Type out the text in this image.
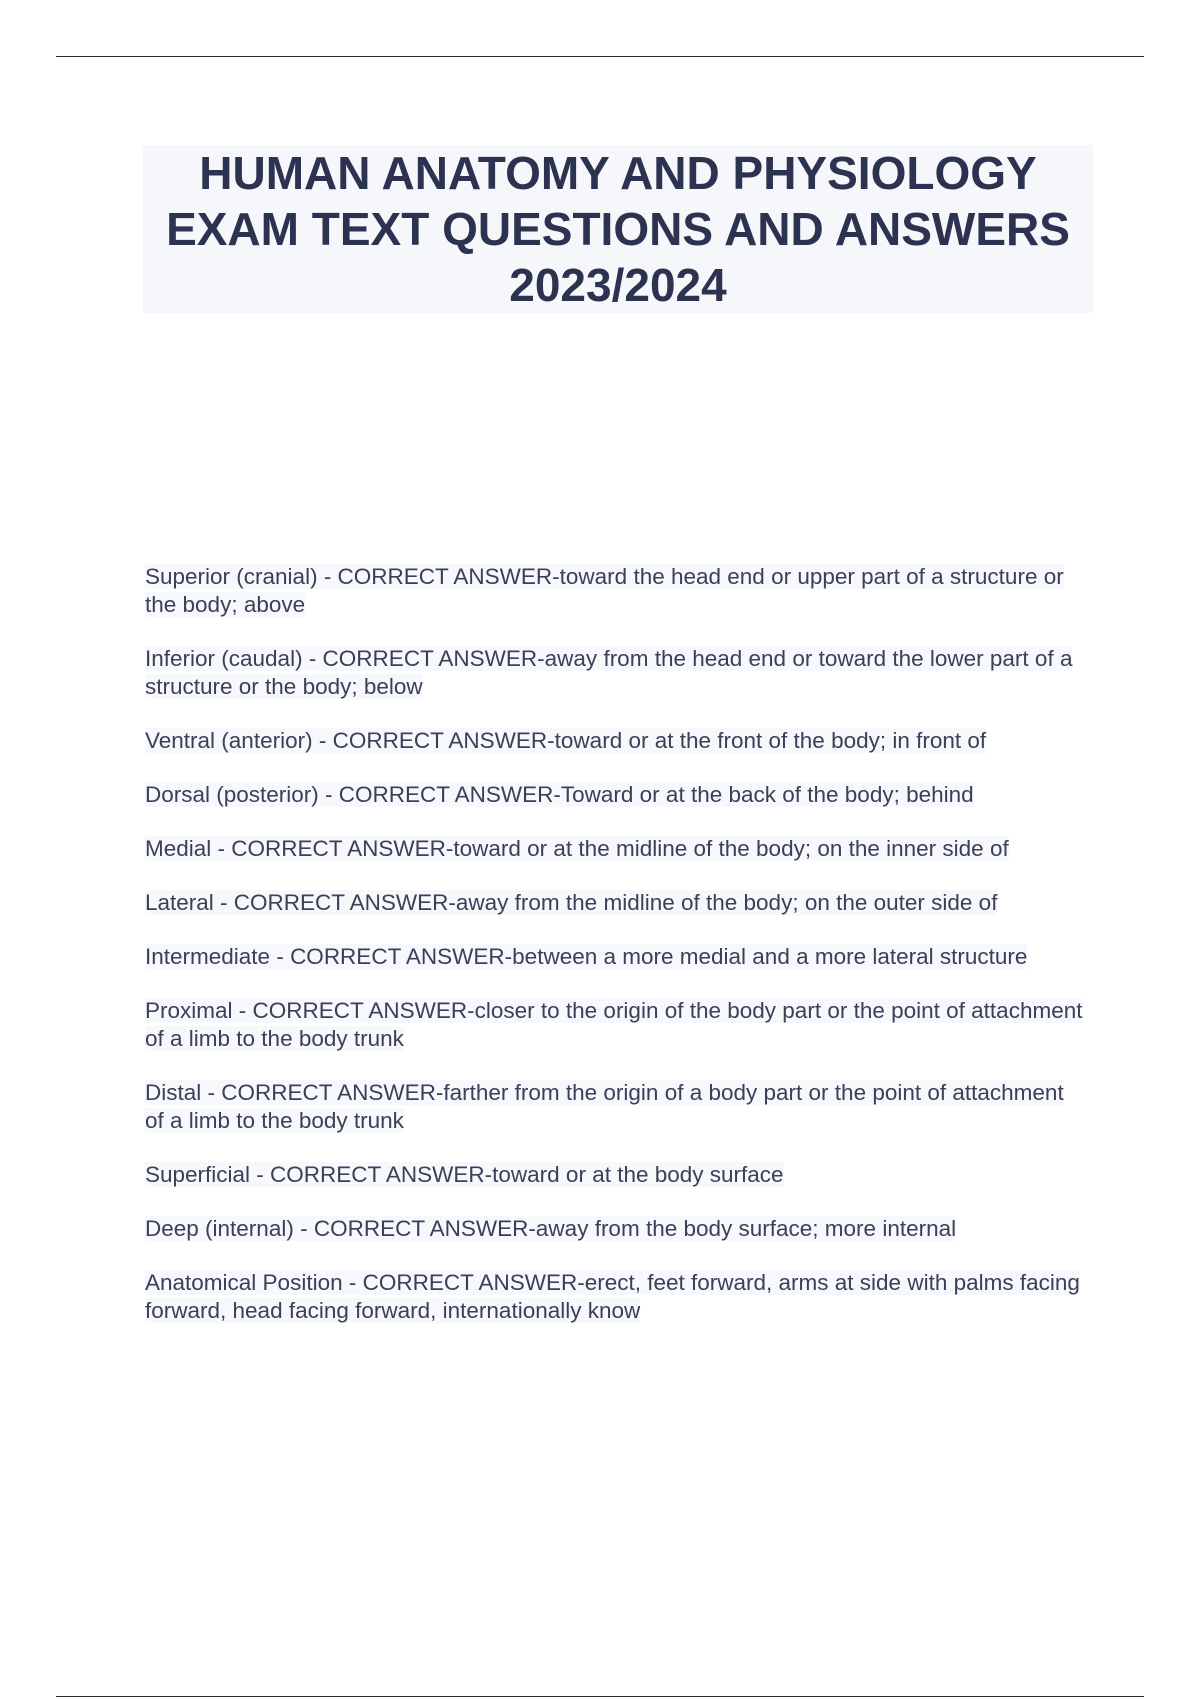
HUMAN ANATOMY AND PHYSIOLOGY EXAM TEXT QUESTIONS AND ANSWERS 2023/2024
Superior (cranial) - CORRECT ANSWER-toward the head end or upper part of a structure or the body; above
Inferior (caudal) - CORRECT ANSWER-away from the head end or toward the lower part of a structure or the body; below
Ventral (anterior) - CORRECT ANSWER-toward or at the front of the body; in front of
Dorsal (posterior) - CORRECT ANSWER-Toward or at the back of the body; behind
Medial - CORRECT ANSWER-toward or at the midline of the body; on the inner side of
Lateral - CORRECT ANSWER-away from the midline of the body; on the outer side of
Intermediate - CORRECT ANSWER-between a more medial and a more lateral structure
Proximal - CORRECT ANSWER-closer to the origin of the body part or the point of attachment of a limb to the body trunk
Distal - CORRECT ANSWER-farther from the origin of a body part or the point of attachment of a limb to the body trunk
Superficial - CORRECT ANSWER-toward or at the body surface
Deep (internal) - CORRECT ANSWER-away from the body surface; more internal
Anatomical Position - CORRECT ANSWER-erect, feet forward, arms at side with palms facing forward, head facing forward, internationally know
